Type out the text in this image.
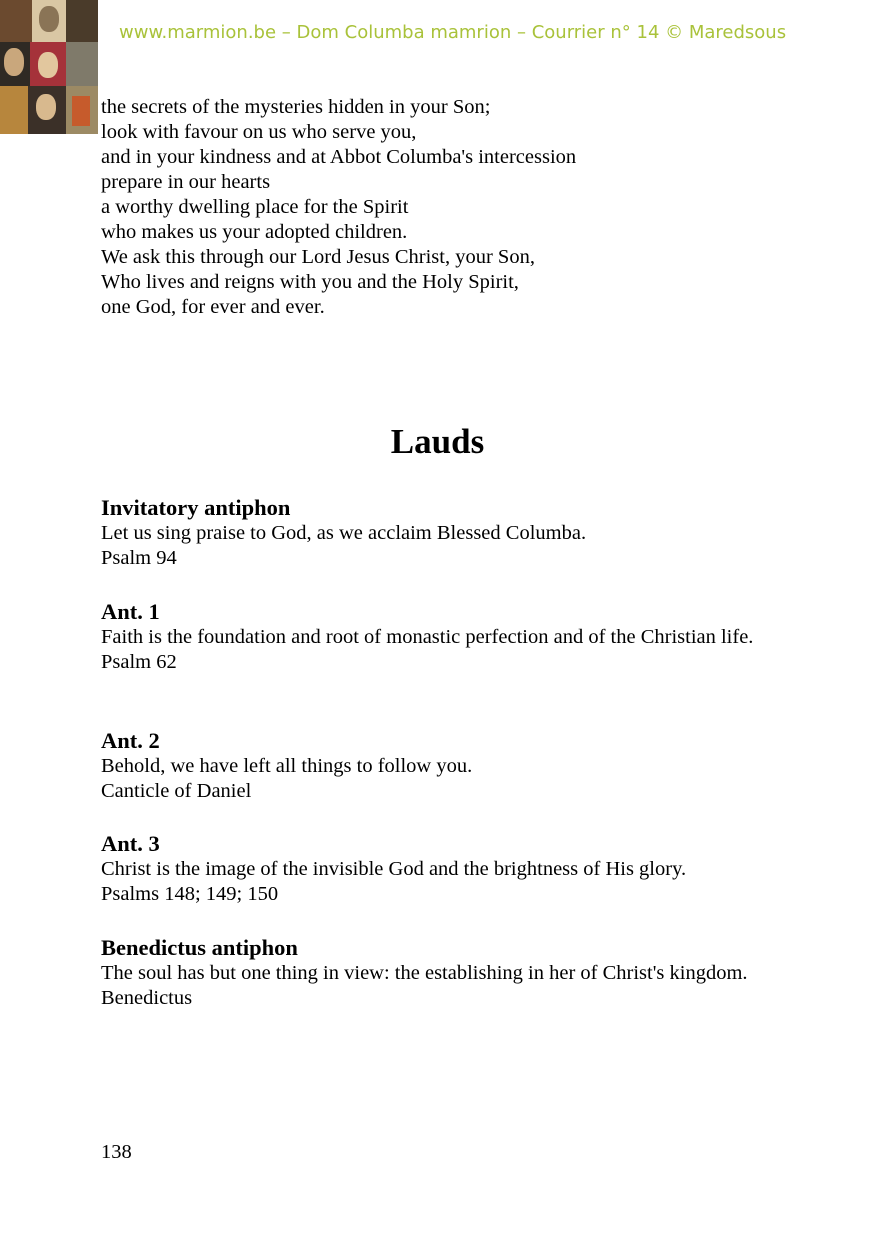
www.marmion.be – Dom Columba mamrion – Courrier n° 14 © Maredsous
the secrets of the mysteries hidden in your Son;
look with favour on us who serve you,
and in your kindness and at Abbot Columba's intercession
prepare in our hearts
a worthy dwelling place for the Spirit
who makes us your adopted children.
We ask this through our Lord Jesus Christ, your Son,
Who lives and reigns with you and the Holy Spirit,
one God, for ever and ever.
Lauds
Invitatory antiphon
Let us sing praise to God, as we acclaim Blessed Columba.
Psalm 94
Ant. 1
Faith is the foundation and root of monastic perfection and of the Christian life.
Psalm 62
Ant. 2
Behold, we have left all things to follow you.
Canticle of Daniel
Ant. 3
Christ is the image of the invisible God and the brightness of His glory.
Psalms 148; 149; 150
Benedictus antiphon
The soul has but one thing in view: the establishing in her of Christ's kingdom.
Benedictus
138
